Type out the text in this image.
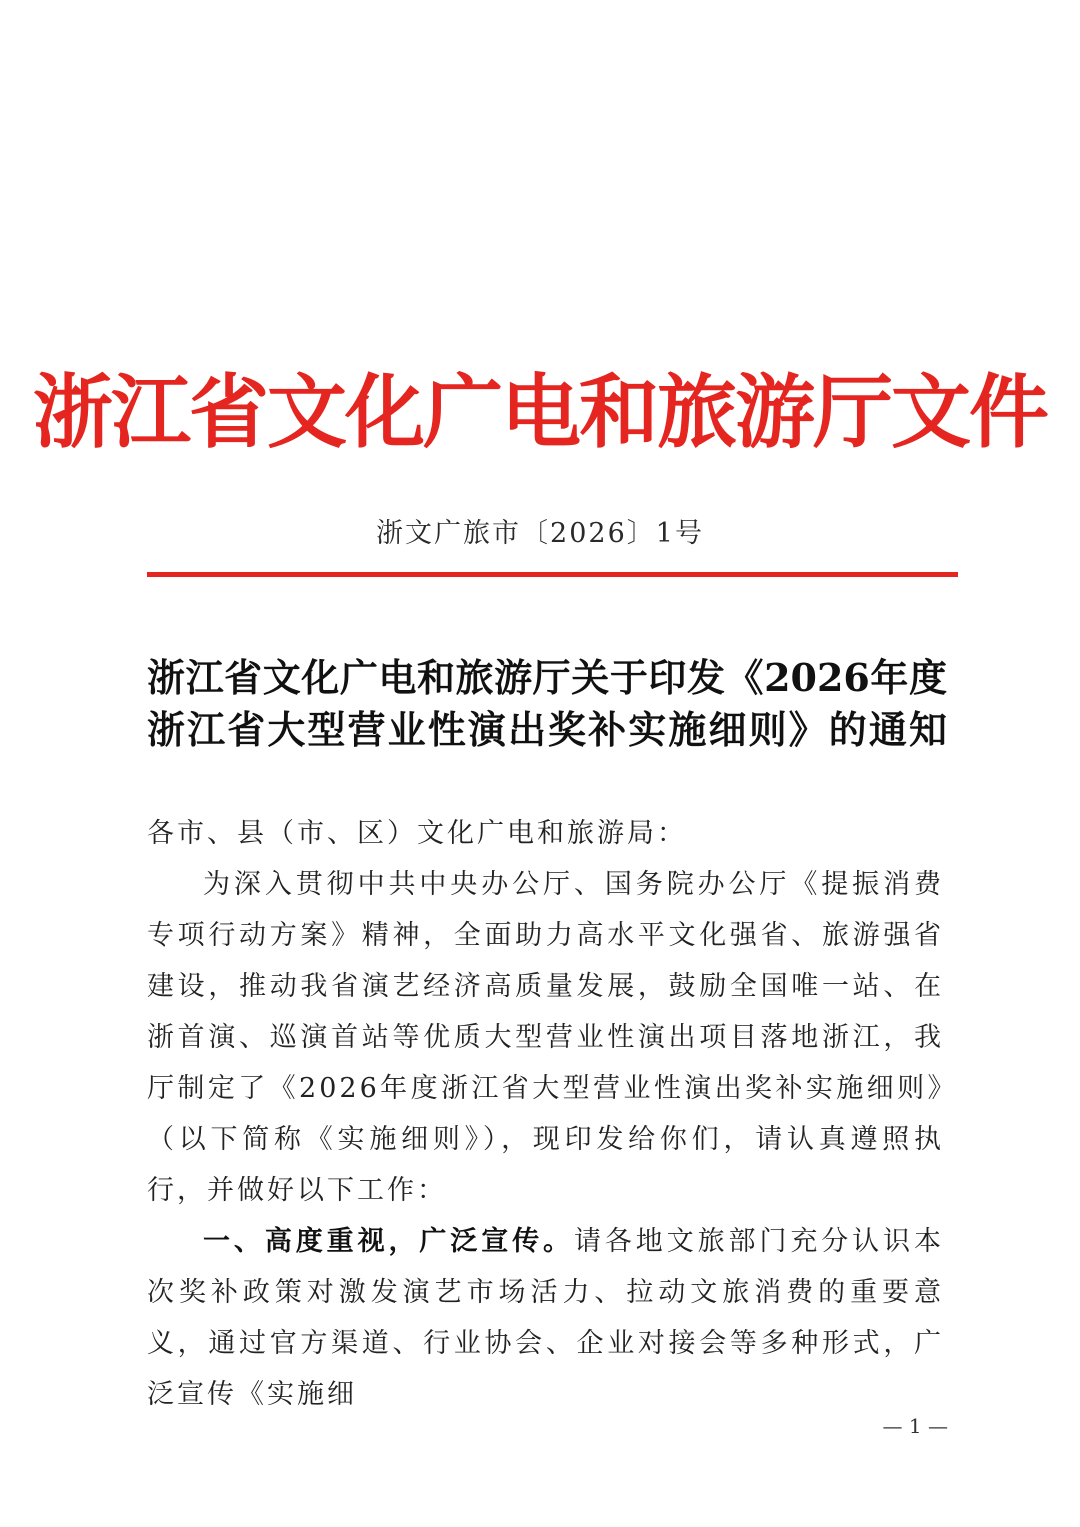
浙江省文化广电和旅游厅文件
浙文广旅市〔2026〕1号
浙江省文化广电和旅游厅关于印发《2026年度
浙江省大型营业性演出奖补实施细则》的通知

各市、县（市、区）文化广电和旅游局：

为深入贯彻中共中央办公厅、国务院办公厅《提振消费专项行动方案》精神，全面助力高水平文化强省、旅游强省建设，推动我省演艺经济高质量发展，鼓励全国唯一站、在浙首演、巡演首站等优质大型营业性演出项目落地浙江，我厅制定了《2026年度浙江省大型营业性演出奖补实施细则》（以下简称《实施细则》），现印发给你们，请认真遵照执行，并做好以下工作：

一、高度重视，广泛宣传。请各地文旅部门充分认识本次奖补政策对激发演艺市场活力、拉动文旅消费的重要意义，通过官方渠道、行业协会、企业对接会等多种形式，广泛宣传《实施细

— 1 —
